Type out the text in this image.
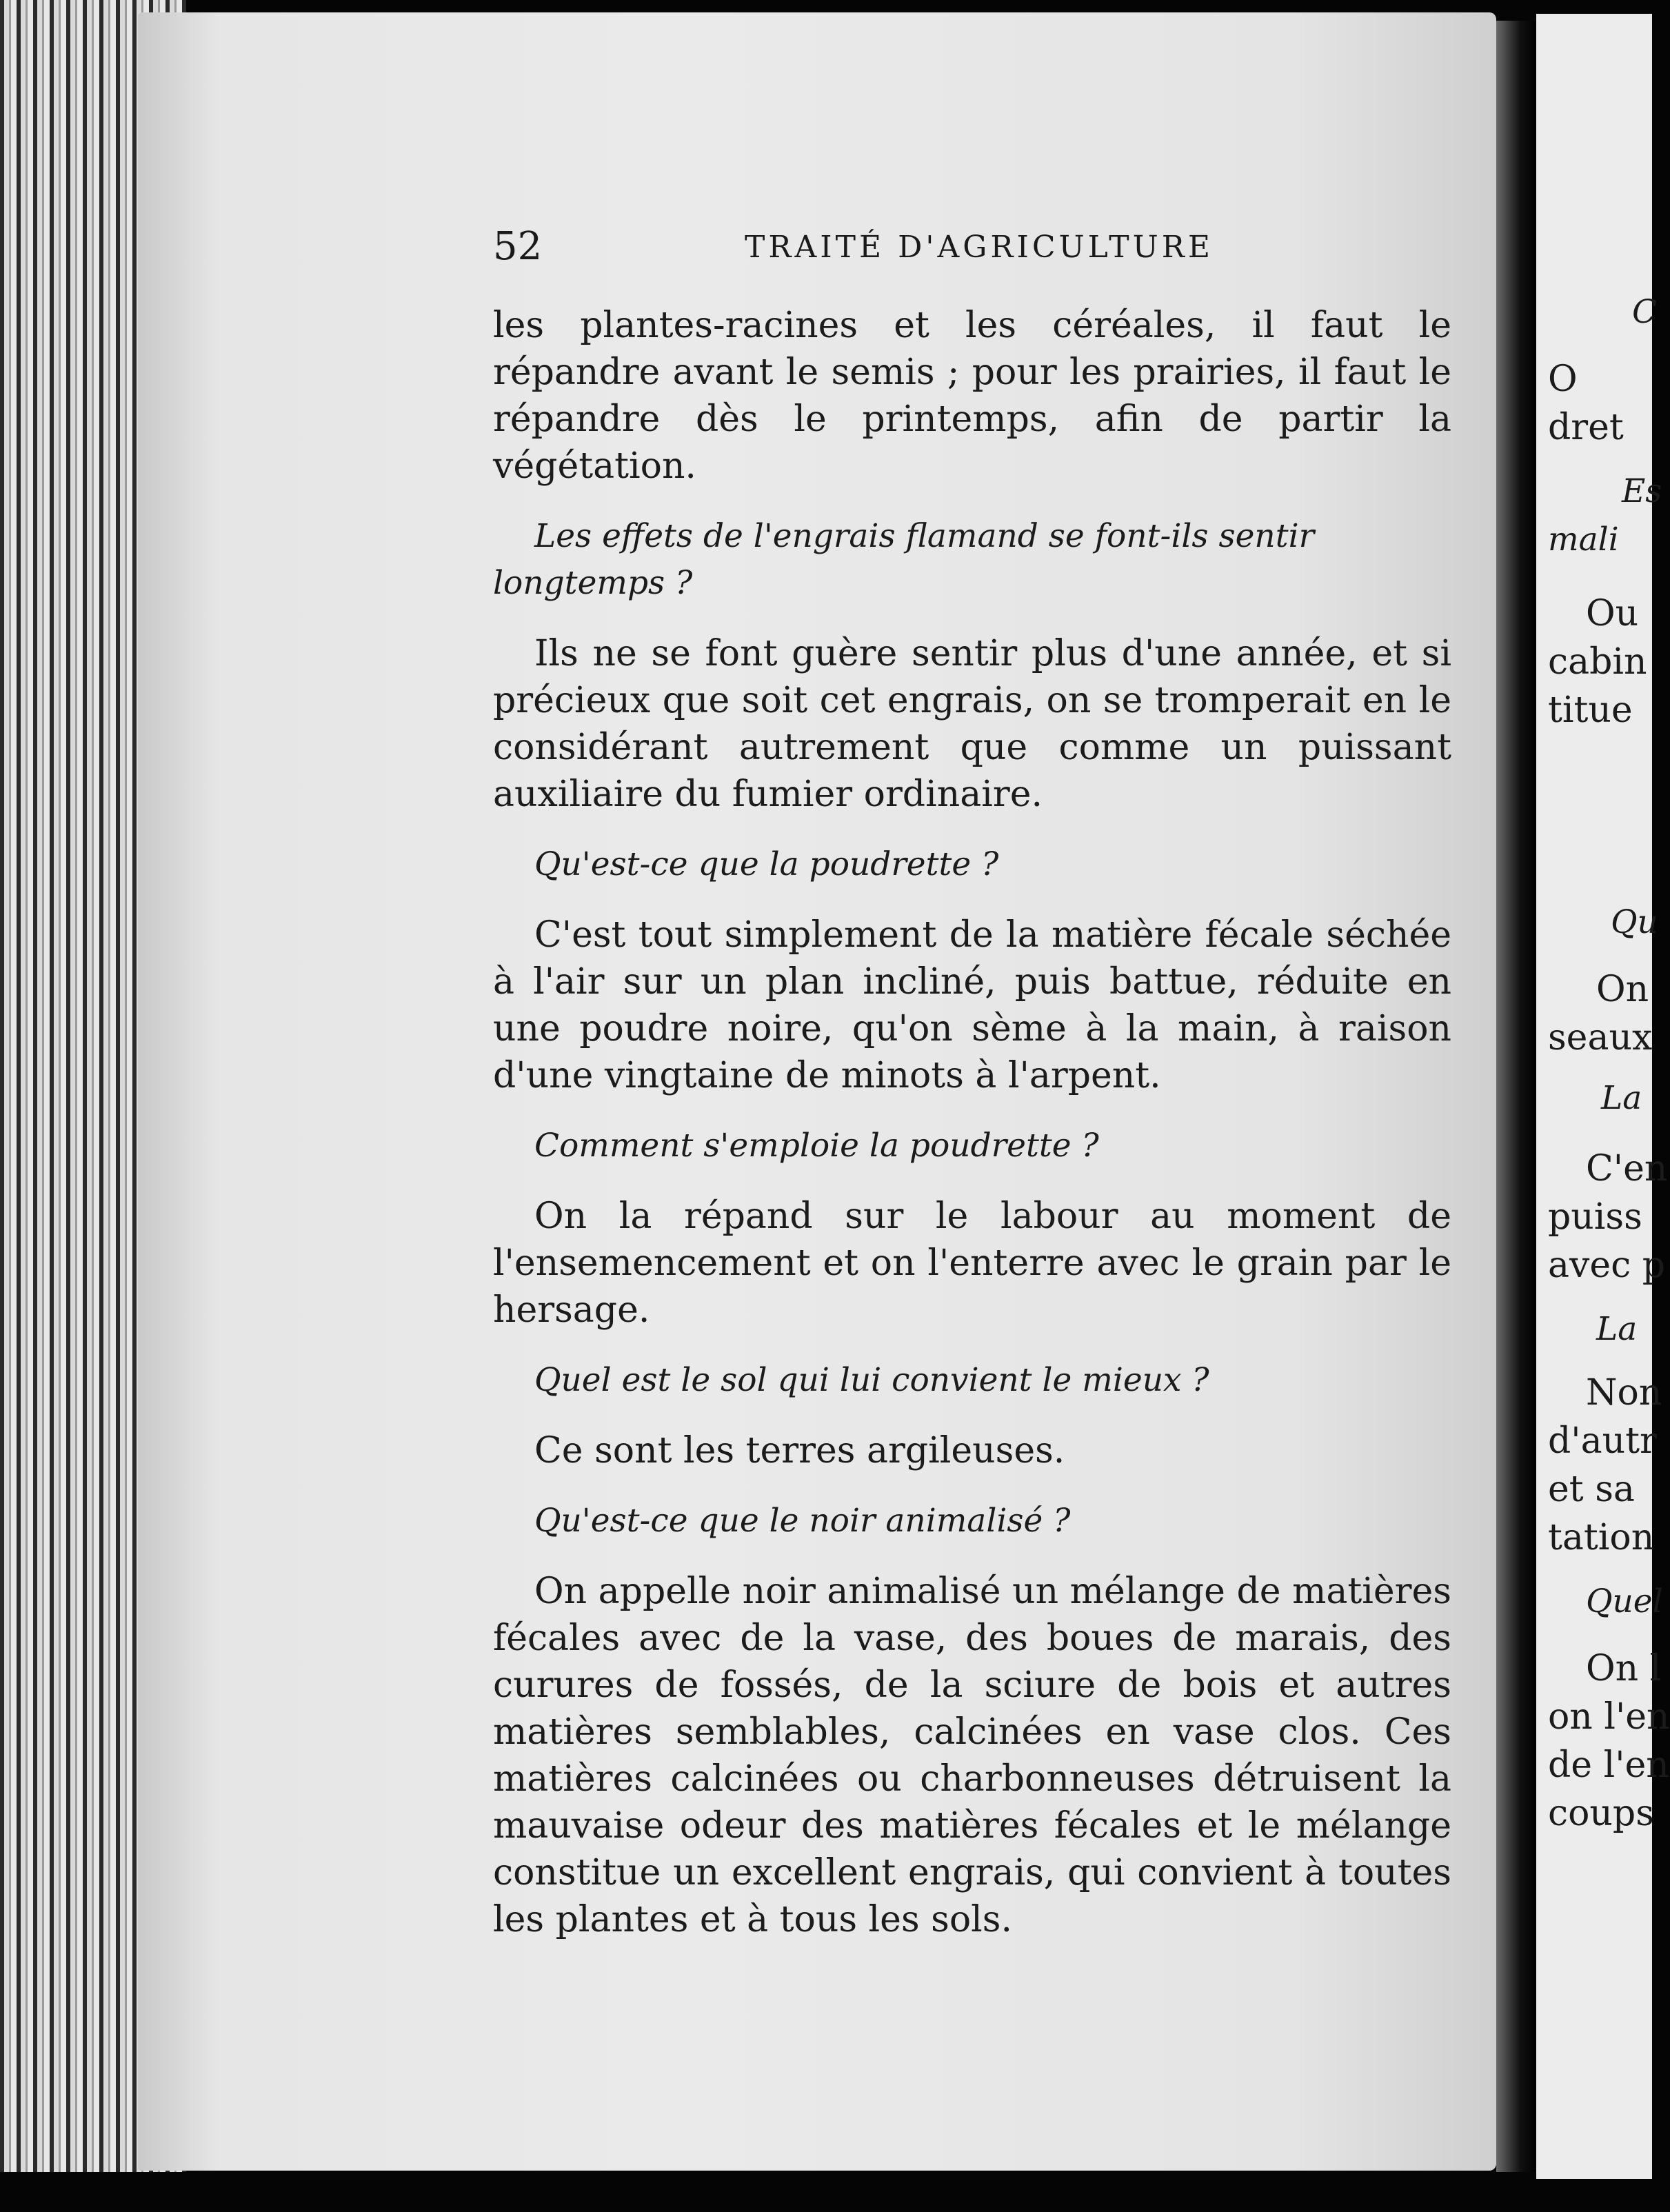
C
O
dret
Es
mali
Ou
cabin
titue
Qu
On
seaux
La
C'en
puiss
avec p
La
Non
d'autr
et sa
tation
Quel
On l
on l'en
de l'en
coups
52	TRAITÉ D'AGRICULTURE

les plantes-racines et les céréales, il faut le répandre avant le semis ; pour les prairies, il faut le répandre dès le printemps, afin de partir la végétation.

Les effets de l'engrais flamand se font-ils sentir longtemps ?

Ils ne se font guère sentir plus d'une année, et si précieux que soit cet engrais, on se tromperait en le considérant autrement que comme un puissant auxiliaire du fumier ordinaire.

Qu'est-ce que la poudrette ?

C'est tout simplement de la matière fécale séchée à l'air sur un plan incliné, puis battue, réduite en une poudre noire, qu'on sème à la main, à raison d'une vingtaine de minots à l'arpent.

Comment s'emploie la poudrette ?

On la répand sur le labour au moment de l'ensemencement et on l'enterre avec le grain par le hersage.

Quel est le sol qui lui convient le mieux ?

Ce sont les terres argileuses.

Qu'est-ce que le noir animalisé ?

On appelle noir animalisé un mélange de matières fécales avec de la vase, des boues de marais, des curures de fossés, de la sciure de bois et autres matières semblables, calcinées en vase clos. Ces matières calcinées ou charbonneuses détruisent la mauvaise odeur des matières fécales et le mélange constitue un excellent engrais, qui convient à toutes les plantes et à tous les sols.
